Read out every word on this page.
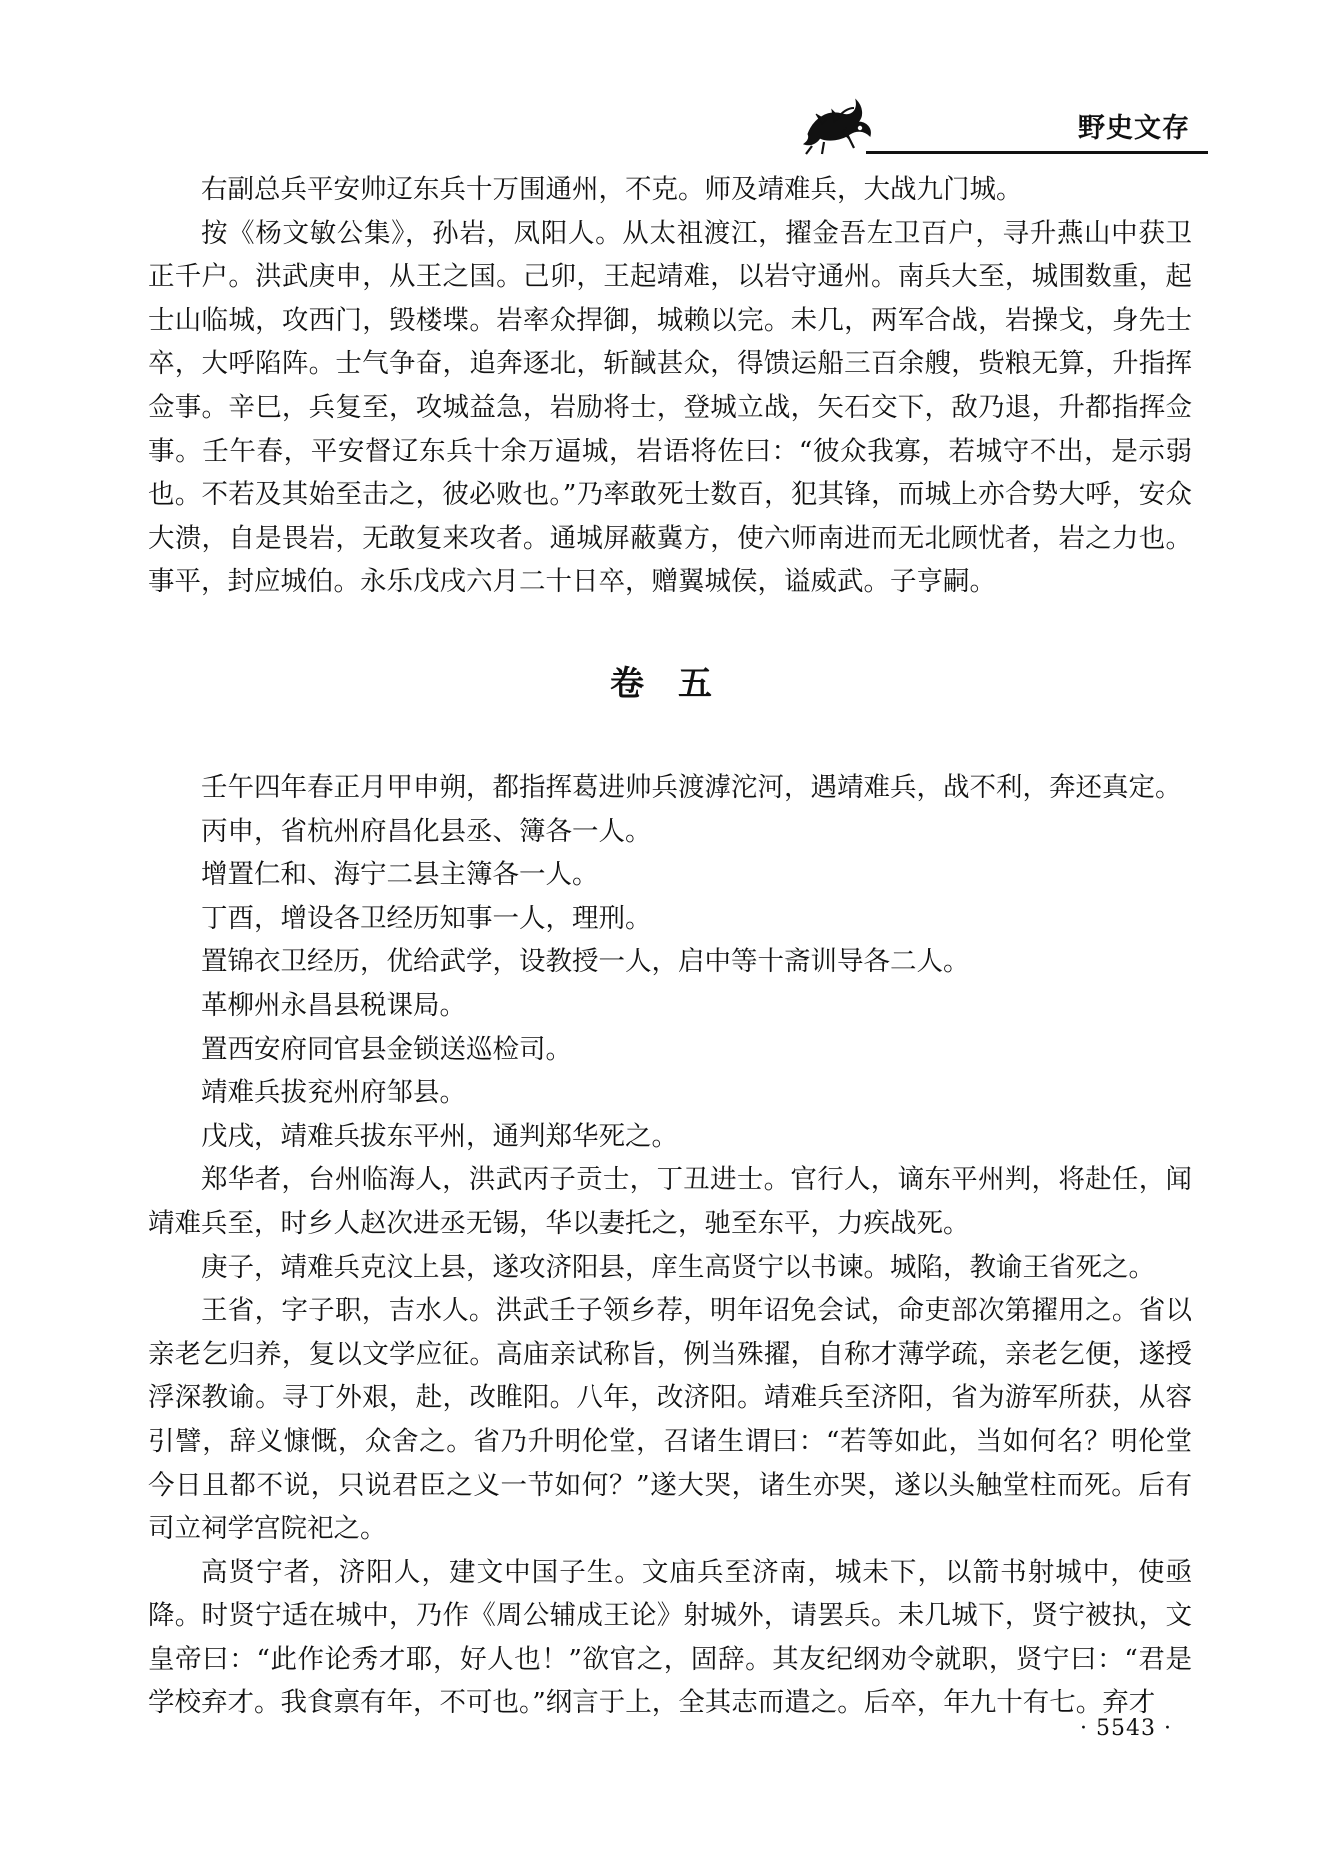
野史文存

右副总兵平安帅辽东兵十万围通州，不克。师及靖难兵，大战九门城。

按《杨文敏公集》，孙岩，凤阳人。从太祖渡江，擢金吾左卫百户，寻升燕山中获卫正千户。洪武庚申，从王之国。己卯，王起靖难，以岩守通州。南兵大至，城围数重，起士山临城，攻西门，毁楼堞。岩率众捍御，城赖以完。未几，两军合战，岩操戈，身先士卒，大呼陷阵。士气争奋，追奔逐北，斩馘甚众，得馈运船三百余艘，赀粮无算，升指挥佥事。辛巳，兵复至，攻城益急，岩励将士，登城立战，矢石交下，敌乃退，升都指挥佥事。壬午春，平安督辽东兵十余万逼城，岩语将佐曰：“彼众我寡，若城守不出，是示弱也。不若及其始至击之，彼必败也。”乃率敢死士数百，犯其锋，而城上亦合势大呼，安众大溃，自是畏岩，无敢复来攻者。通城屏蔽冀方，使六师南进而无北顾忧者，岩之力也。事平，封应城伯。永乐戊戌六月二十日卒，赠翼城侯，谥威武。子亨嗣。

卷五

壬午四年春正月甲申朔，都指挥葛进帅兵渡滹沱河，遇靖难兵，战不利，奔还真定。

丙申，省杭州府昌化县丞、簿各一人。

增置仁和、海宁二县主簿各一人。

丁酉，增设各卫经历知事一人，理刑。

置锦衣卫经历，优给武学，设教授一人，启中等十斋训导各二人。

革柳州永昌县税课局。

置西安府同官县金锁送巡检司。

靖难兵拔兖州府邹县。

戊戌，靖难兵拔东平州，通判郑华死之。

郑华者，台州临海人，洪武丙子贡士，丁丑进士。官行人，谪东平州判，将赴任，闻靖难兵至，时乡人赵次进丞无锡，华以妻托之，驰至东平，力疾战死。

庚子，靖难兵克汶上县，遂攻济阳县，庠生高贤宁以书谏。城陷，教谕王省死之。

王省，字子职，吉水人。洪武壬子领乡荐，明年诏免会试，命吏部次第擢用之。省以亲老乞归养，复以文学应征。高庙亲试称旨，例当殊擢，自称才薄学疏，亲老乞便，遂授浮深教谕。寻丁外艰，赴，改睢阳。八年，改济阳。靖难兵至济阳，省为游军所获，从容引譬，辞义慷慨，众舍之。省乃升明伦堂，召诸生谓曰：“若等如此，当如何名？明伦堂今日且都不说，只说君臣之义一节如何？”遂大哭，诸生亦哭，遂以头触堂柱而死。后有司立祠学宫院祀之。

高贤宁者，济阳人，建文中国子生。文庙兵至济南，城未下，以箭书射城中，使亟降。时贤宁适在城中，乃作《周公辅成王论》射城外，请罢兵。未几城下，贤宁被执，文皇帝曰：“此作论秀才耶，好人也！”欲官之，固辞。其友纪纲劝令就职，贤宁曰：“君是学校弃才。我食禀有年，不可也。”纲言于上，全其志而遣之。后卒，年九十有七。弃才

· 5543 ·
